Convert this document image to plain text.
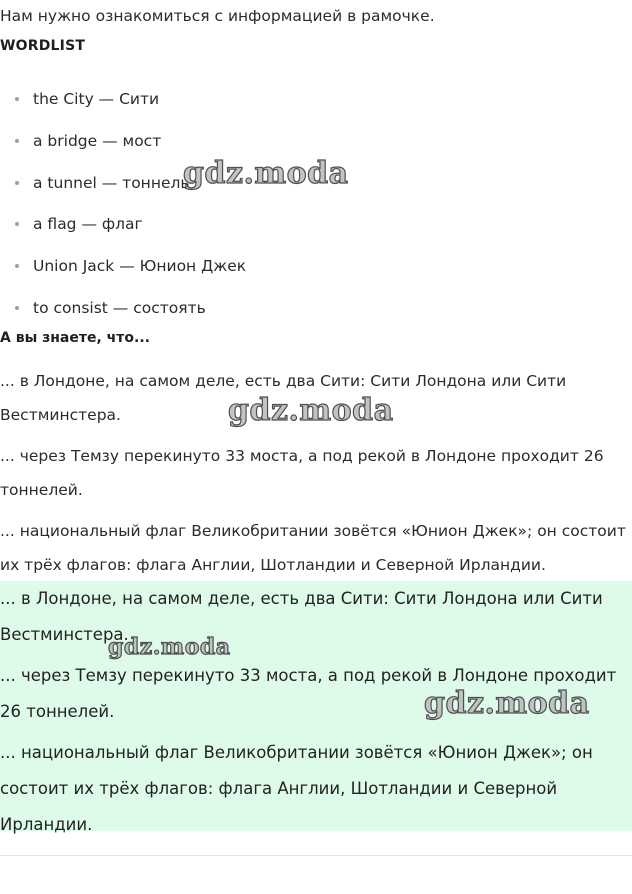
Нам нужно ознакомиться с информацией в рамочке.
WORDLIST
the City — Сити
a bridge — мост
a tunnel — тоннель
a flag — флаг
Union Jack — Юнион Джек
to consist — состоять
А вы знаете, что...

... в Лондоне, на самом деле, есть два Сити: Сити Лондона или Сити Вестминстера.

... через Темзу перекинуто 33 моста, а под рекой в Лондоне проходит 26 тоннелей.

... национальный флаг Великобритании зовётся «Юнион Джек»; он состоит их трёх флагов: флага Англии, Шотландии и Северной Ирландии.

... в Лондоне, на самом деле, есть два Сити: Сити Лондона или Сити Вестминстера.

... через Темзу перекинуто 33 моста, а под рекой в Лондоне проходит 26 тоннелей.

... национальный флаг Великобритании зовётся «Юнион Джек»; он состоит их трёх флагов: флага Англии, Шотландии и Северной Ирландии.

gdz.moda
gdz.moda
gdz.moda
gdz.moda
